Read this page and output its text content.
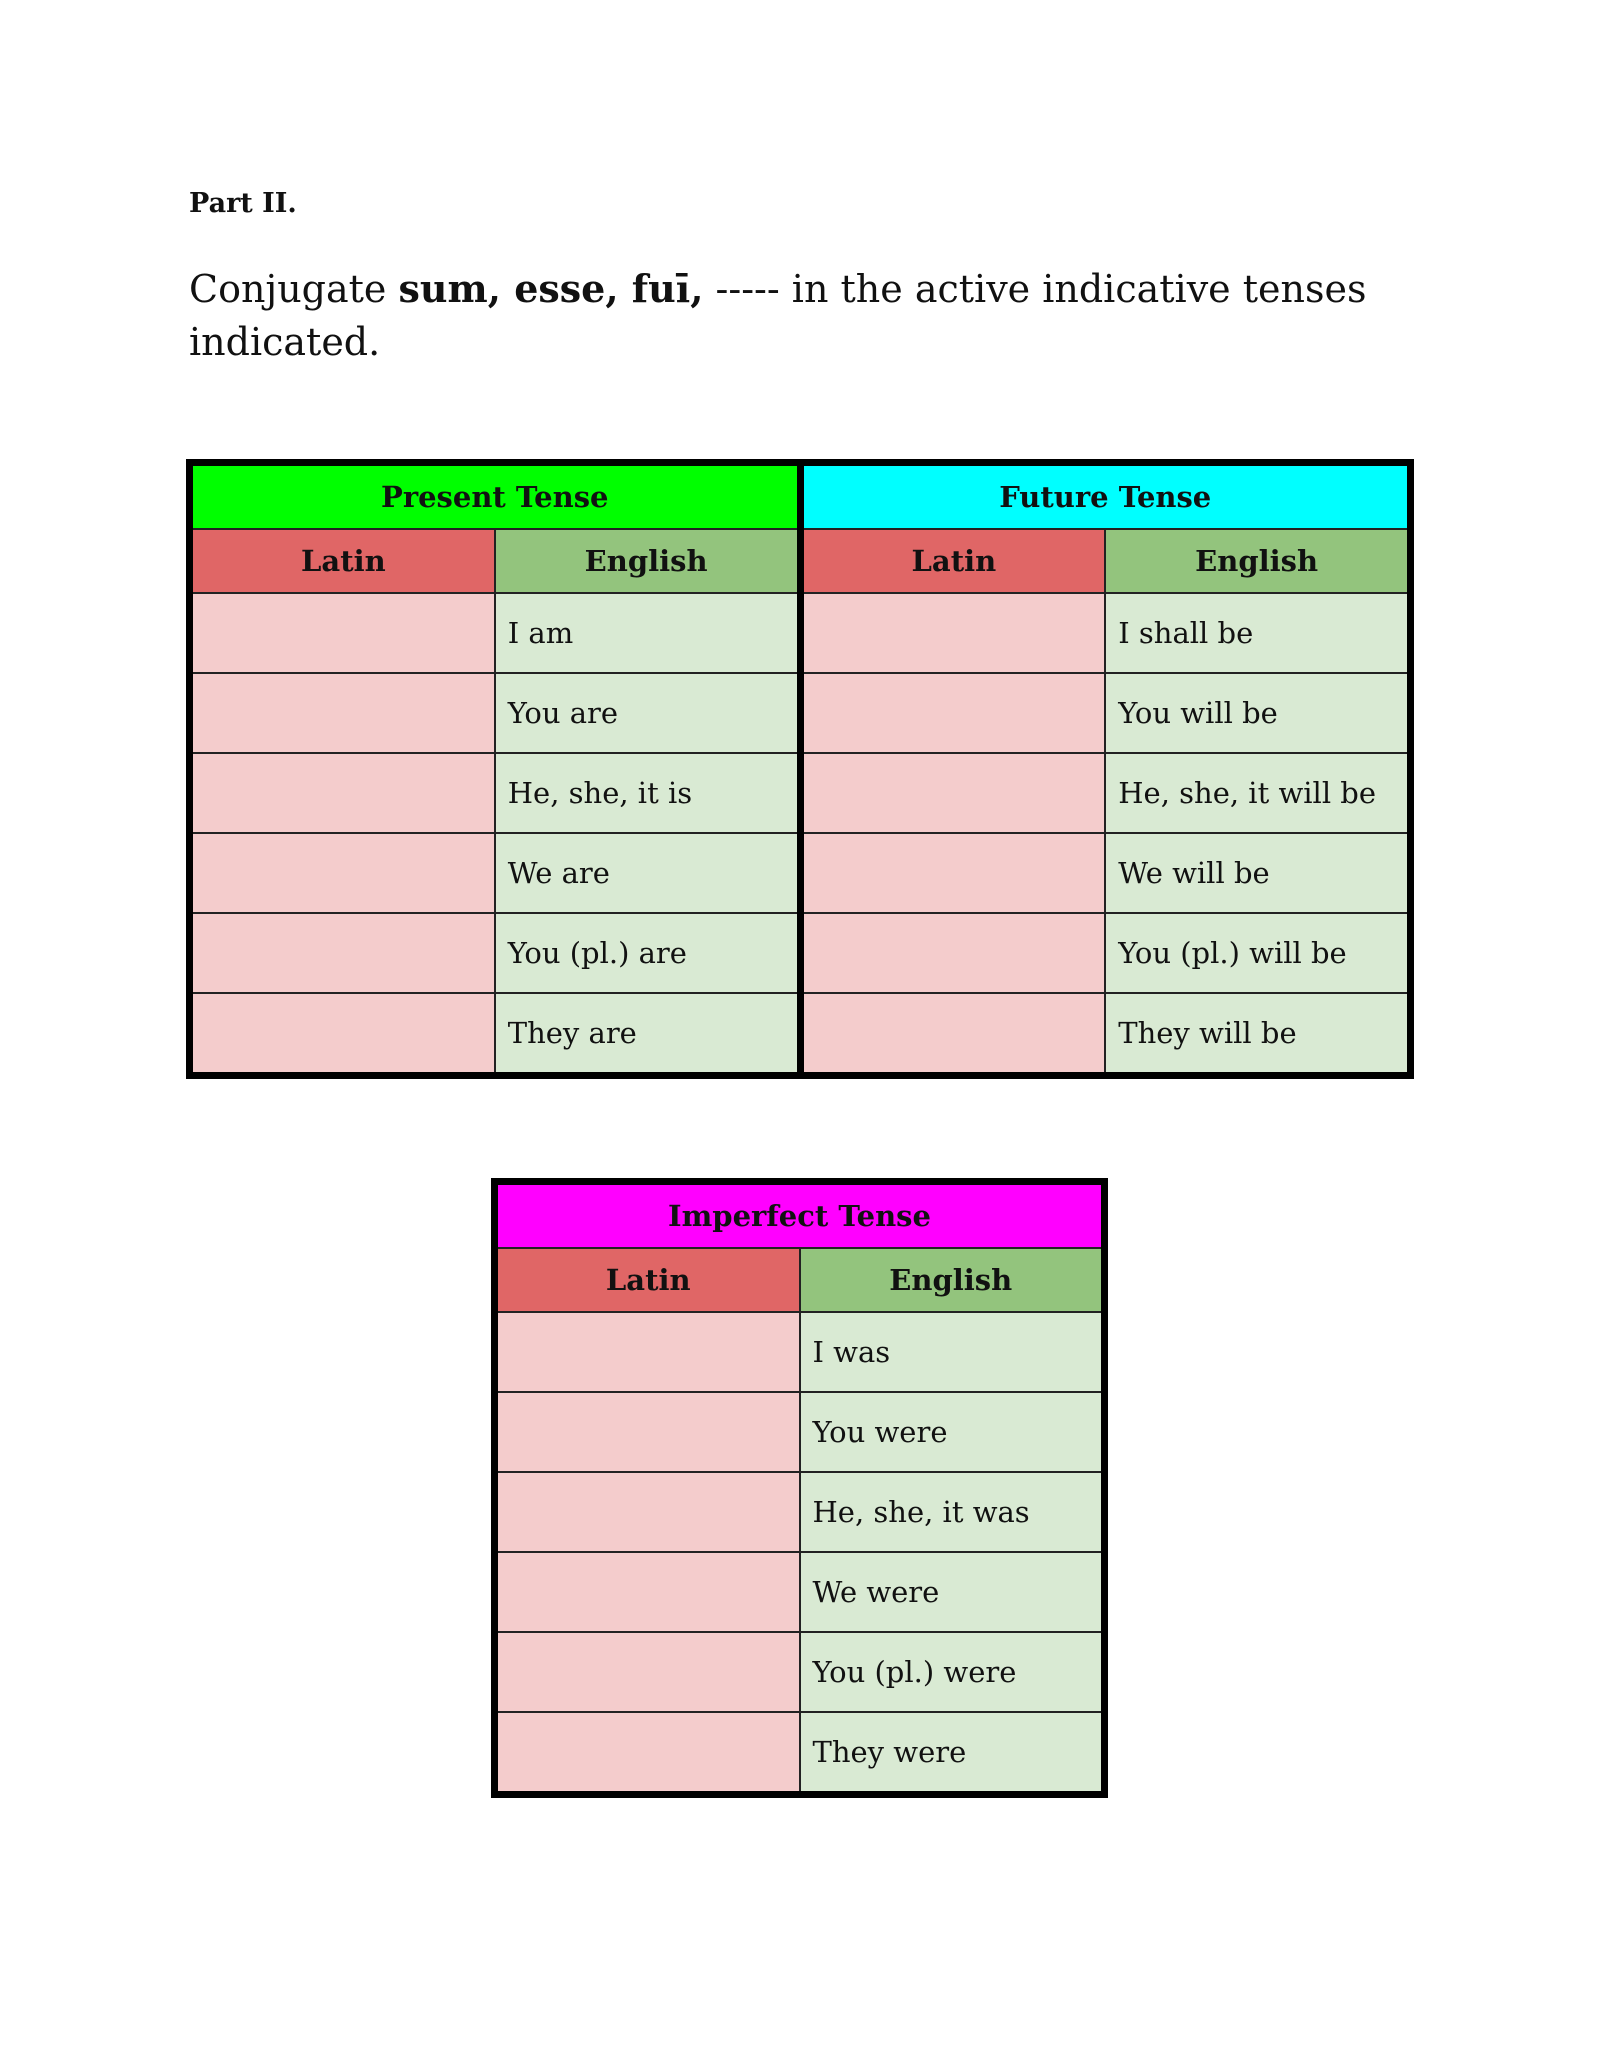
Part II.
Conjugate sum, esse, fuī, ----- in the active indicative tenses indicated.
Present Tense		Future Tense	
Latin	English	Latin	English
	I am		I shall be
	You are		You will be
	He, she, it is		He, she, it will be
	We are		We will be
	You (pl.) are		You (pl.) will be
	They are		They will be
Imperfect Tense	
Latin	English
	I was
	You were
	He, she, it was
	We were
	You (pl.) were
	They were
